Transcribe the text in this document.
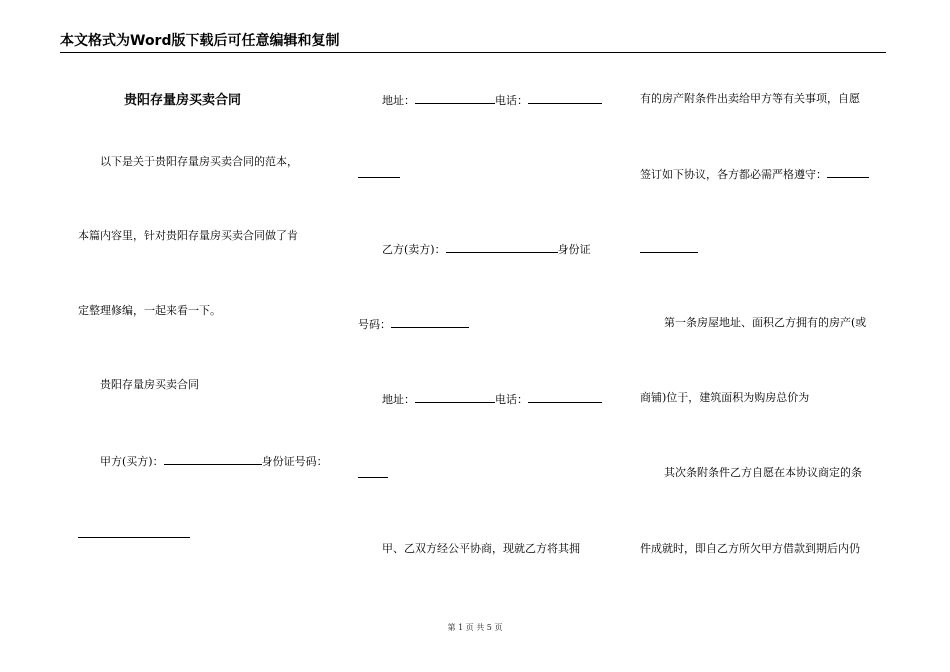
本文格式为Word版下载后可任意编辑和复制
贵阳存量房买卖合同
以下是关于贵阳存量房买卖合同的范本，
本篇内容里，针对贵阳存量房买卖合同做了肯
定整理修编，一起来看一下。
贵阳存量房买卖合同
甲方(买方)：	身份证号码：
地址：	电话：
乙方(卖方)：	身份证
号码：
地址：	电话：
甲、乙双方经公平协商，现就乙方将其拥
有的房产附条件出卖给甲方等有关事项，自愿
签订如下协议，各方都必需严格遵守：
第一条房屋地址、面积乙方拥有的房产(或
商铺)位于，建筑面积为购房总价为
其次条附条件乙方自愿在本协议商定的条
件成就时，即自乙方所欠甲方借款到期后内仍
第 1 页 共 5 页
